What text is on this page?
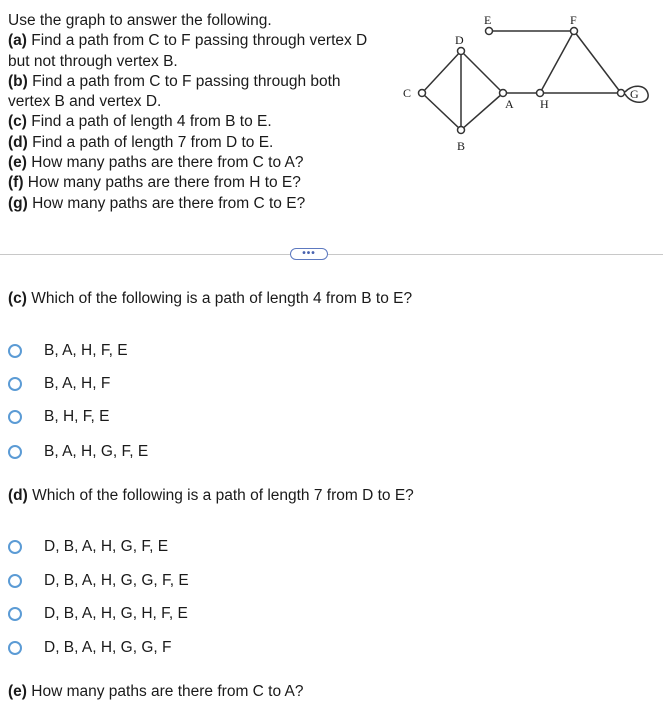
Use the graph to answer the following.
(a) Find a path from C to F passing through vertex D
but not through vertex B.
(b) Find a path from C to F passing through both
vertex B and vertex D.
(c) Find a path of length 4 from B to E.
(d) Find a path of length 7 from D to E.
(e) How many paths are there from C to A?
(f) How many paths are there from H to E?
(g) How many paths are there from C to E?
C
D
B
A H
E	F
G
•••
(c) Which of the following is a path of length 4 from B to E?
B, A, H, F, E
B, A, H, F
B, H, F, E
B, A, H, G, F, E
(d) Which of the following is a path of length 7 from D to E?
D, B, A, H, G, F, E
D, B, A, H, G, G, F, E
D, B, A, H, G, H, F, E
D, B, A, H, G, G, F
(e) How many paths are there from C to A?
